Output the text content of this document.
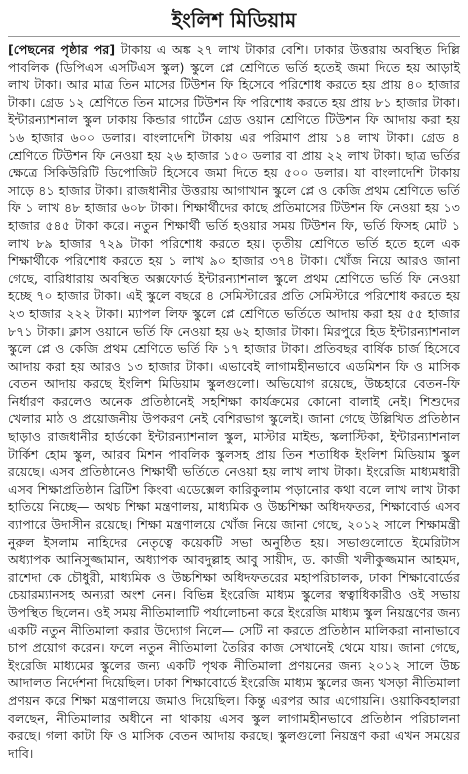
ইংলিশ মিডিয়াম
[পেছনের পৃষ্ঠার পর] টাকায় এ অঙ্ক ২৭ লাখ টাকার বেশি। ঢাকার উত্তরায় অবস্থিত দিল্লি পাবলিক (ডিপিএস এসটিএস স্কুল) স্কুলে প্লে শ্রেণিতে ভর্তি হতেই জমা দিতে হয় আড়াই লাখ টাকা। আর মাত্র তিন মাসের টিউশন ফি হিসেবে পরিশোধ করতে হয় প্রায় ৪০ হাজার টাকা। গ্রেড ১২ শ্রেণিতে তিন মাসের টিউশন ফি পরিশোধ করতে হয় প্রায় ৮১ হাজার টাকা। ইন্টারন্যাশনাল স্কুল ঢাকায় কিন্ডার গার্টেন গ্রেড ওয়ান শ্রেণিতে টিউশন ফি আদায় করা হয় ১৬ হাজার ৬০০ ডলার। বাংলাদেশি টাকায় এর পরিমাণ প্রায় ১৪ লাখ টাকা। গ্রেড ৪ শ্রেণিতে টিউশন ফি নেওয়া হয় ২৬ হাজার ১৫০ ডলার বা প্রায় ২২ লাখ টাকা। ছাত্র ভর্তির ক্ষেত্রে সিকিউরিটি ডিপোজিট হিসেবে জমা দিতে হয় ৫০০ ডলার। যা বাংলাদেশি টাকায় সাড়ে ৪১ হাজার টাকা। রাজধানীর উত্তরায় আগাখান স্কুলে প্লে ও কেজি প্রথম শ্রেণিতে ভর্তি ফি ১ লাখ ৪৮ হাজার ৬০৮ টাকা। শিক্ষার্থীদের কাছে প্রতিমাসের টিউশন ফি নেওয়া হয় ১৩ হাজার ৫৪৫ টাকা করে। নতুন শিক্ষার্থী ভর্তি হওয়ার সময় টিউশন ফি, ভর্তি ফিসহ মোট ১ লাখ ৮৯ হাজার ৭২৯ টাকা পরিশোধ করতে হয়। তৃতীয় শ্রেণিতে ভর্তি হতে হলে এক শিক্ষার্থীকে পরিশোধ করতে হয় ১ লাখ ৯০ হাজার ৩৭৪ টাকা। খোঁজ নিয়ে আরও জানা গেছে, বারিধারায় অবস্থিত অক্সফোর্ড ইন্টারন্যাশনাল স্কুলে প্রথম শ্রেণিতে ভর্তি ফি নেওয়া হচ্ছে ৭০ হাজার টাকা। এই স্কুলে বছরে ৪ সেমিস্টারের প্রতি সেমিস্টারে পরিশোধ করতে হয় ২৩ হাজার ২২২ টাকা। ম্যাপল লিফ স্কুলে প্লে শ্রেণিতে ভর্তিতে আদায় করা হয় ৫৫ হাজার ৮৭১ টাকা। ক্লাস ওয়ানে ভর্তি ফি নেওয়া হয় ৬২ হাজার টাকা। মিরপুরে হিড ইন্টারন্যাশনাল স্কুলে প্লে ও কেজি প্রথম শ্রেণিতে ভর্তি ফি ১৭ হাজার টাকা। প্রতিবছর বার্ষিক চার্জ হিসেবে আদায় করা হয় আরও ১৩ হাজার টাকা। এভাবেই লাগামহীনভাবে এডমিশন ফি ও মাসিক বেতন আদায় করছে ইংলিশ মিডিয়াম স্কুলগুলো। অভিযোগ রয়েছে, উচ্চহারে বেতন-ফি নির্ধারণ করলেও অনেক প্রতিষ্ঠানেই সহশিক্ষা কার্যক্রমের কোনো বালাই নেই। শিশুদের খেলার মাঠ ও প্রয়োজনীয় উপকরণ নেই বেশিরভাগ স্কুলেই। জানা গেছে উল্লিখিত প্রতিষ্ঠান ছাড়াও রাজধানীর হার্ডকো ইন্টারন্যাশনাল স্কুল, মাস্টার মাইন্ড, স্কলাস্টিকা, ইন্টারন্যাশনাল টার্কিশ হোম স্কুল, আরব মিশন পাবলিক স্কুলসহ প্রায় তিন শতাধিক ইংলিশ মিডিয়াম স্কুল রয়েছে। এসব প্রতিষ্ঠানেও শিক্ষার্থী ভর্তিতে নেওয়া হয় লাখ লাখ টাকা। ইংরেজি মাধ্যমধারী এসব শিক্ষাপ্রতিষ্ঠান ব্রিটিশ কিংবা এডেক্সেল কারিকুলাম পড়ানোর কথা বলে লাখ লাখ টাকা হাতিয়ে নিচ্ছে— অথচ শিক্ষা মন্ত্রণালয়, মাধ্যমিক ও উচ্চশিক্ষা অধিদফতর, শিক্ষাবোর্ড এসব ব্যাপারে উদাসীন রয়েছে। শিক্ষা মন্ত্রণালয়ে খোঁজ নিয়ে জানা গেছে, ২০১২ সালে শিক্ষামন্ত্রী নুরুল ইসলাম নাহিদের নেতৃত্বে কয়েকটি সভা অনুষ্ঠিত হয়। সভাগুলোতে ইমেরিটাস অধ্যাপক আনিসুজ্জামান, অধ্যাপক আবদুল্লাহ আবু সায়ীদ, ড. কাজী খলীকুজ্জমান আহমদ, রাশেদা কে চৌধুরী, মাধ্যমিক ও উচ্চশিক্ষা অধিদফতরের মহাপরিচালক, ঢাকা শিক্ষাবোর্ডের চেয়ারম্যানসহ অন্যরা অংশ নেন। বিভিন্ন ইংরেজি মাধ্যম স্কুলের স্বত্বাধিকারীও ওই সভায় উপস্থিত ছিলেন। ওই সময় নীতিমালাটি পর্যালোচনা করে ইংরেজি মাধ্যম স্কুল নিয়ন্ত্রণের জন্য একটি নতুন নীতিমালা করার উদ্যোগ নিলে— সেটি না করতে প্রতিষ্ঠান মালিকরা নানাভাবে চাপ প্রয়োগ করেন। ফলে নতুন নীতিমালা তৈরির কাজ সেখানেই থেমে যায়। জানা গেছে, ইংরেজি মাধ্যমের স্কুলের জন্য একটি পৃথক নীতিমালা প্রণয়নের জন্য ২০১২ সালে উচ্চ আদালত নির্দেশনা দিয়েছিল। ঢাকা শিক্ষাবোর্ডে ইংরেজি মাধ্যম স্কুলের জন্য খসড়া নীতিমালা প্রণয়ন করে শিক্ষা মন্ত্রণালয়ে জমাও দিয়েছিল। কিন্তু এরপর আর এগোয়নি। ওয়াকিবহালরা বলছেন, নীতিমালার অধীনে না থাকায় এসব স্কুল লাগামহীনভাবে প্রতিষ্ঠান পরিচালনা করছে। গলা কাটা ফি ও মাসিক বেতন আদায় করছে। স্কুলগুলো নিয়ন্ত্রণ করা এখন সময়ের দাবি।
